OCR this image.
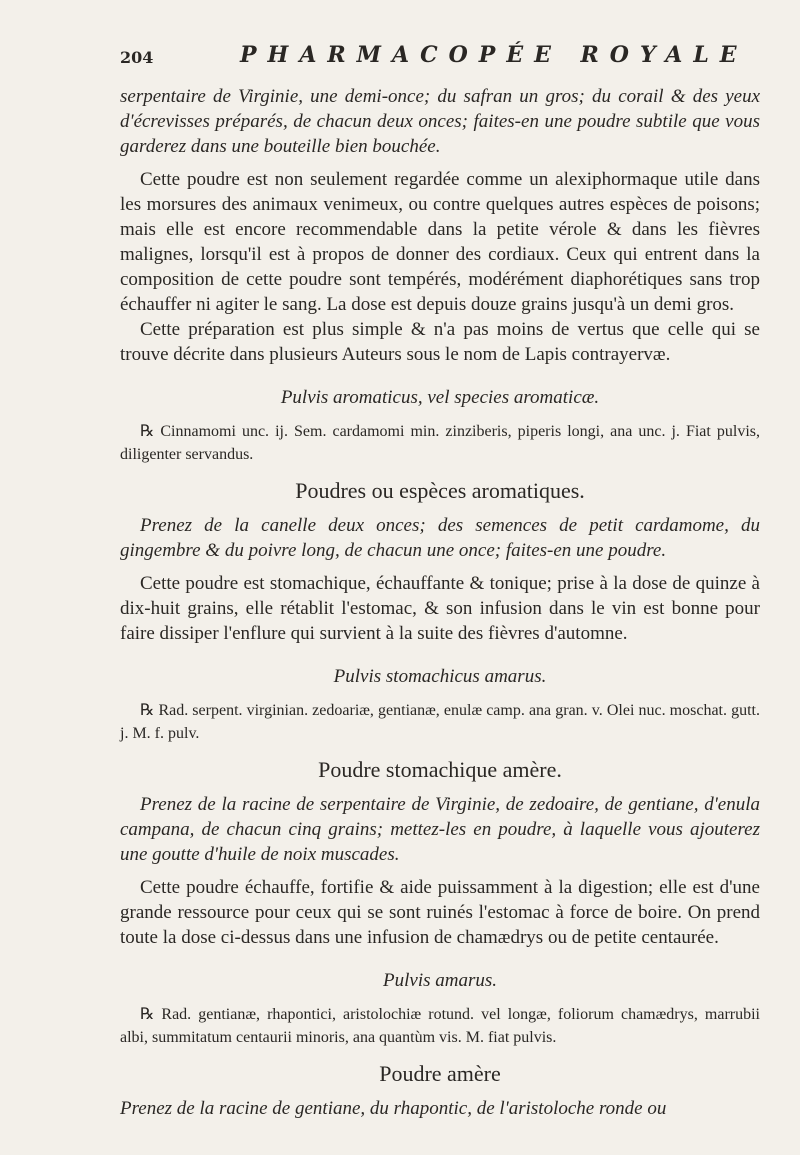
204	PHARMACOPÉE ROYALE

serpentaire de Virginie, une demi-once; du safran un gros; du corail & des yeux d'écrevisses préparés, de chacun deux onces; faites-en une poudre subtile que vous garderez dans une bouteille bien bouchée.

Cette poudre est non seulement regardée comme un alexiphormaque utile dans les morsures des animaux venimeux, ou contre quelques autres espèces de poisons; mais elle est encore recommendable dans la petite vérole & dans les fièvres malignes, lorsqu'il est à propos de donner des cordiaux. Ceux qui entrent dans la composition de cette poudre sont tempérés, modérément diaphorétiques sans trop échauffer ni agiter le sang. La dose est depuis douze grains jusqu'à un demi gros.

Cette préparation est plus simple & n'a pas moins de vertus que celle qui se trouve décrite dans plusieurs Auteurs sous le nom de Lapis contrayervæ.

Pulvis aromaticus, vel species aromaticæ.

℞ Cinnamomi unc. ij. Sem. cardamomi min. zinziberis, piperis longi, ana unc. j. Fiat pulvis, diligenter servandus.

Poudres ou espèces aromatiques.

Prenez de la canelle deux onces; des semences de petit cardamome, du gingembre & du poivre long, de chacun une once; faites-en une poudre.

Cette poudre est stomachique, échauffante & tonique; prise à la dose de quinze à dix-huit grains, elle rétablit l'estomac, & son infusion dans le vin est bonne pour faire dissiper l'enflure qui survient à la suite des fièvres d'automne.

Pulvis stomachicus amarus.

℞ Rad. serpent. virginian. zedoariæ, gentianæ, enulæ camp. ana gran. v. Olei nuc. moschat. gutt. j. M. f. pulv.

Poudre stomachique amère.

Prenez de la racine de serpentaire de Virginie, de zedoaire, de gentiane, d'enula campana, de chacun cinq grains; mettez-les en poudre, à laquelle vous ajouterez une goutte d'huile de noix muscades.

Cette poudre échauffe, fortifie & aide puissamment à la digestion; elle est d'une grande ressource pour ceux qui se sont ruinés l'estomac à force de boire. On prend toute la dose ci-dessus dans une infusion de chamædrys ou de petite centaurée.

Pulvis amarus.

℞ Rad. gentianæ, rhapontici, aristolochiæ rotund. vel longæ, foliorum chamædrys, marrubii albi, summitatum centaurii minoris, ana quantùm vis. M. fiat pulvis.

Poudre amère

Prenez de la racine de gentiane, du rhapontic, de l'aristoloche ronde ou
